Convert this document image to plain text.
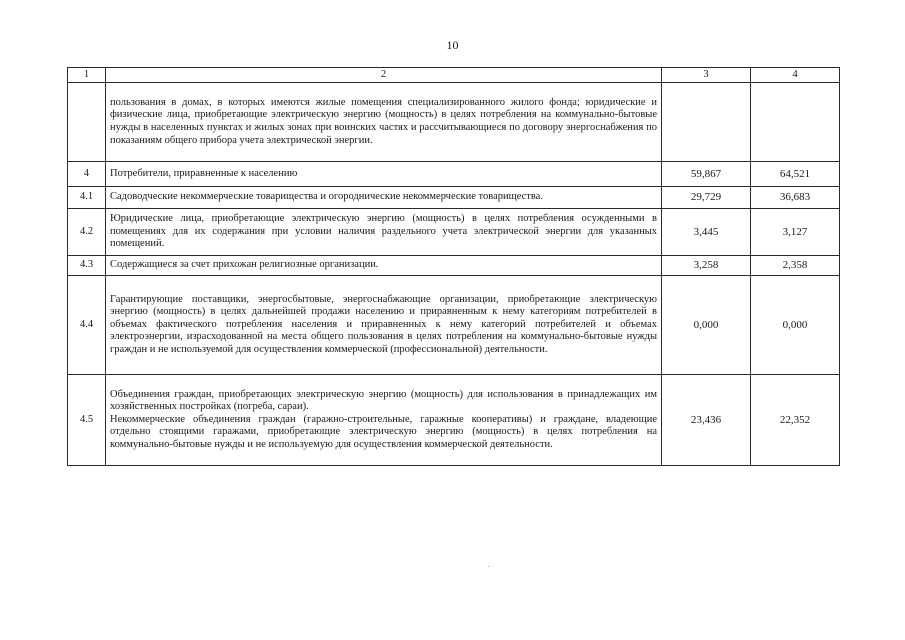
10
1	2	3	4

	пользования в домах, в которых имеются жилые помещения специализированного жилого фонда; юридические и физические лица, приобретающие электрическую энергию (мощность) в целях потребления на коммунально-бытовые нужды в населенных пунктах и жилых зонах при воинских частях и рассчитывающиеся по договору энергоснабжения по показаниям общего прибора учета электрической энергии.		

4	Потребители, приравненные к населению	59,867	64,521
4.1	Садоводческие некоммерческие товарищества и огороднические некоммерческие товарищества.	29,729	36,683
4.2	Юридические лица, приобретающие электрическую энергию (мощность) в целях потребления осужденными в помещениях для их содержания при условии наличия раздельного учета электрической энергии для указанных помещений.	3,445	3,127
4.3	Содержащиеся за счет прихожан религиозные организации.	3,258	2,358
4.4	Гарантирующие поставщики, энергосбытовые, энергоснабжающие организации, приобретающие электрическую энергию (мощность) в целях дальнейшей продажи населению и приравненным к нему категориям потребителей в объемах фактического потребления населения и приравненных к нему категорий потребителей и объемах электроэнергии, израсходованной на места общего пользования в целях потребления на коммунально-бытовые нужды граждан и не используемой для осуществления коммерческой (профессиональной) деятельности.	0,000	0,000
4.5	Объединения граждан, приобретающих электрическую энергию (мощность) для использования в принадлежащих им хозяйственных постройках (погреба, сараи).
Некоммерческие объединения граждан (гаражно-строительные, гаражные кооперативы) и граждане, владеющие отдельно стоящими гаражами, приобретающие электрическую энергию (мощность) в целях потребления на коммунально-бытовые нужды и не используемую для осуществления коммерческой деятельности.	23,436	22,352
